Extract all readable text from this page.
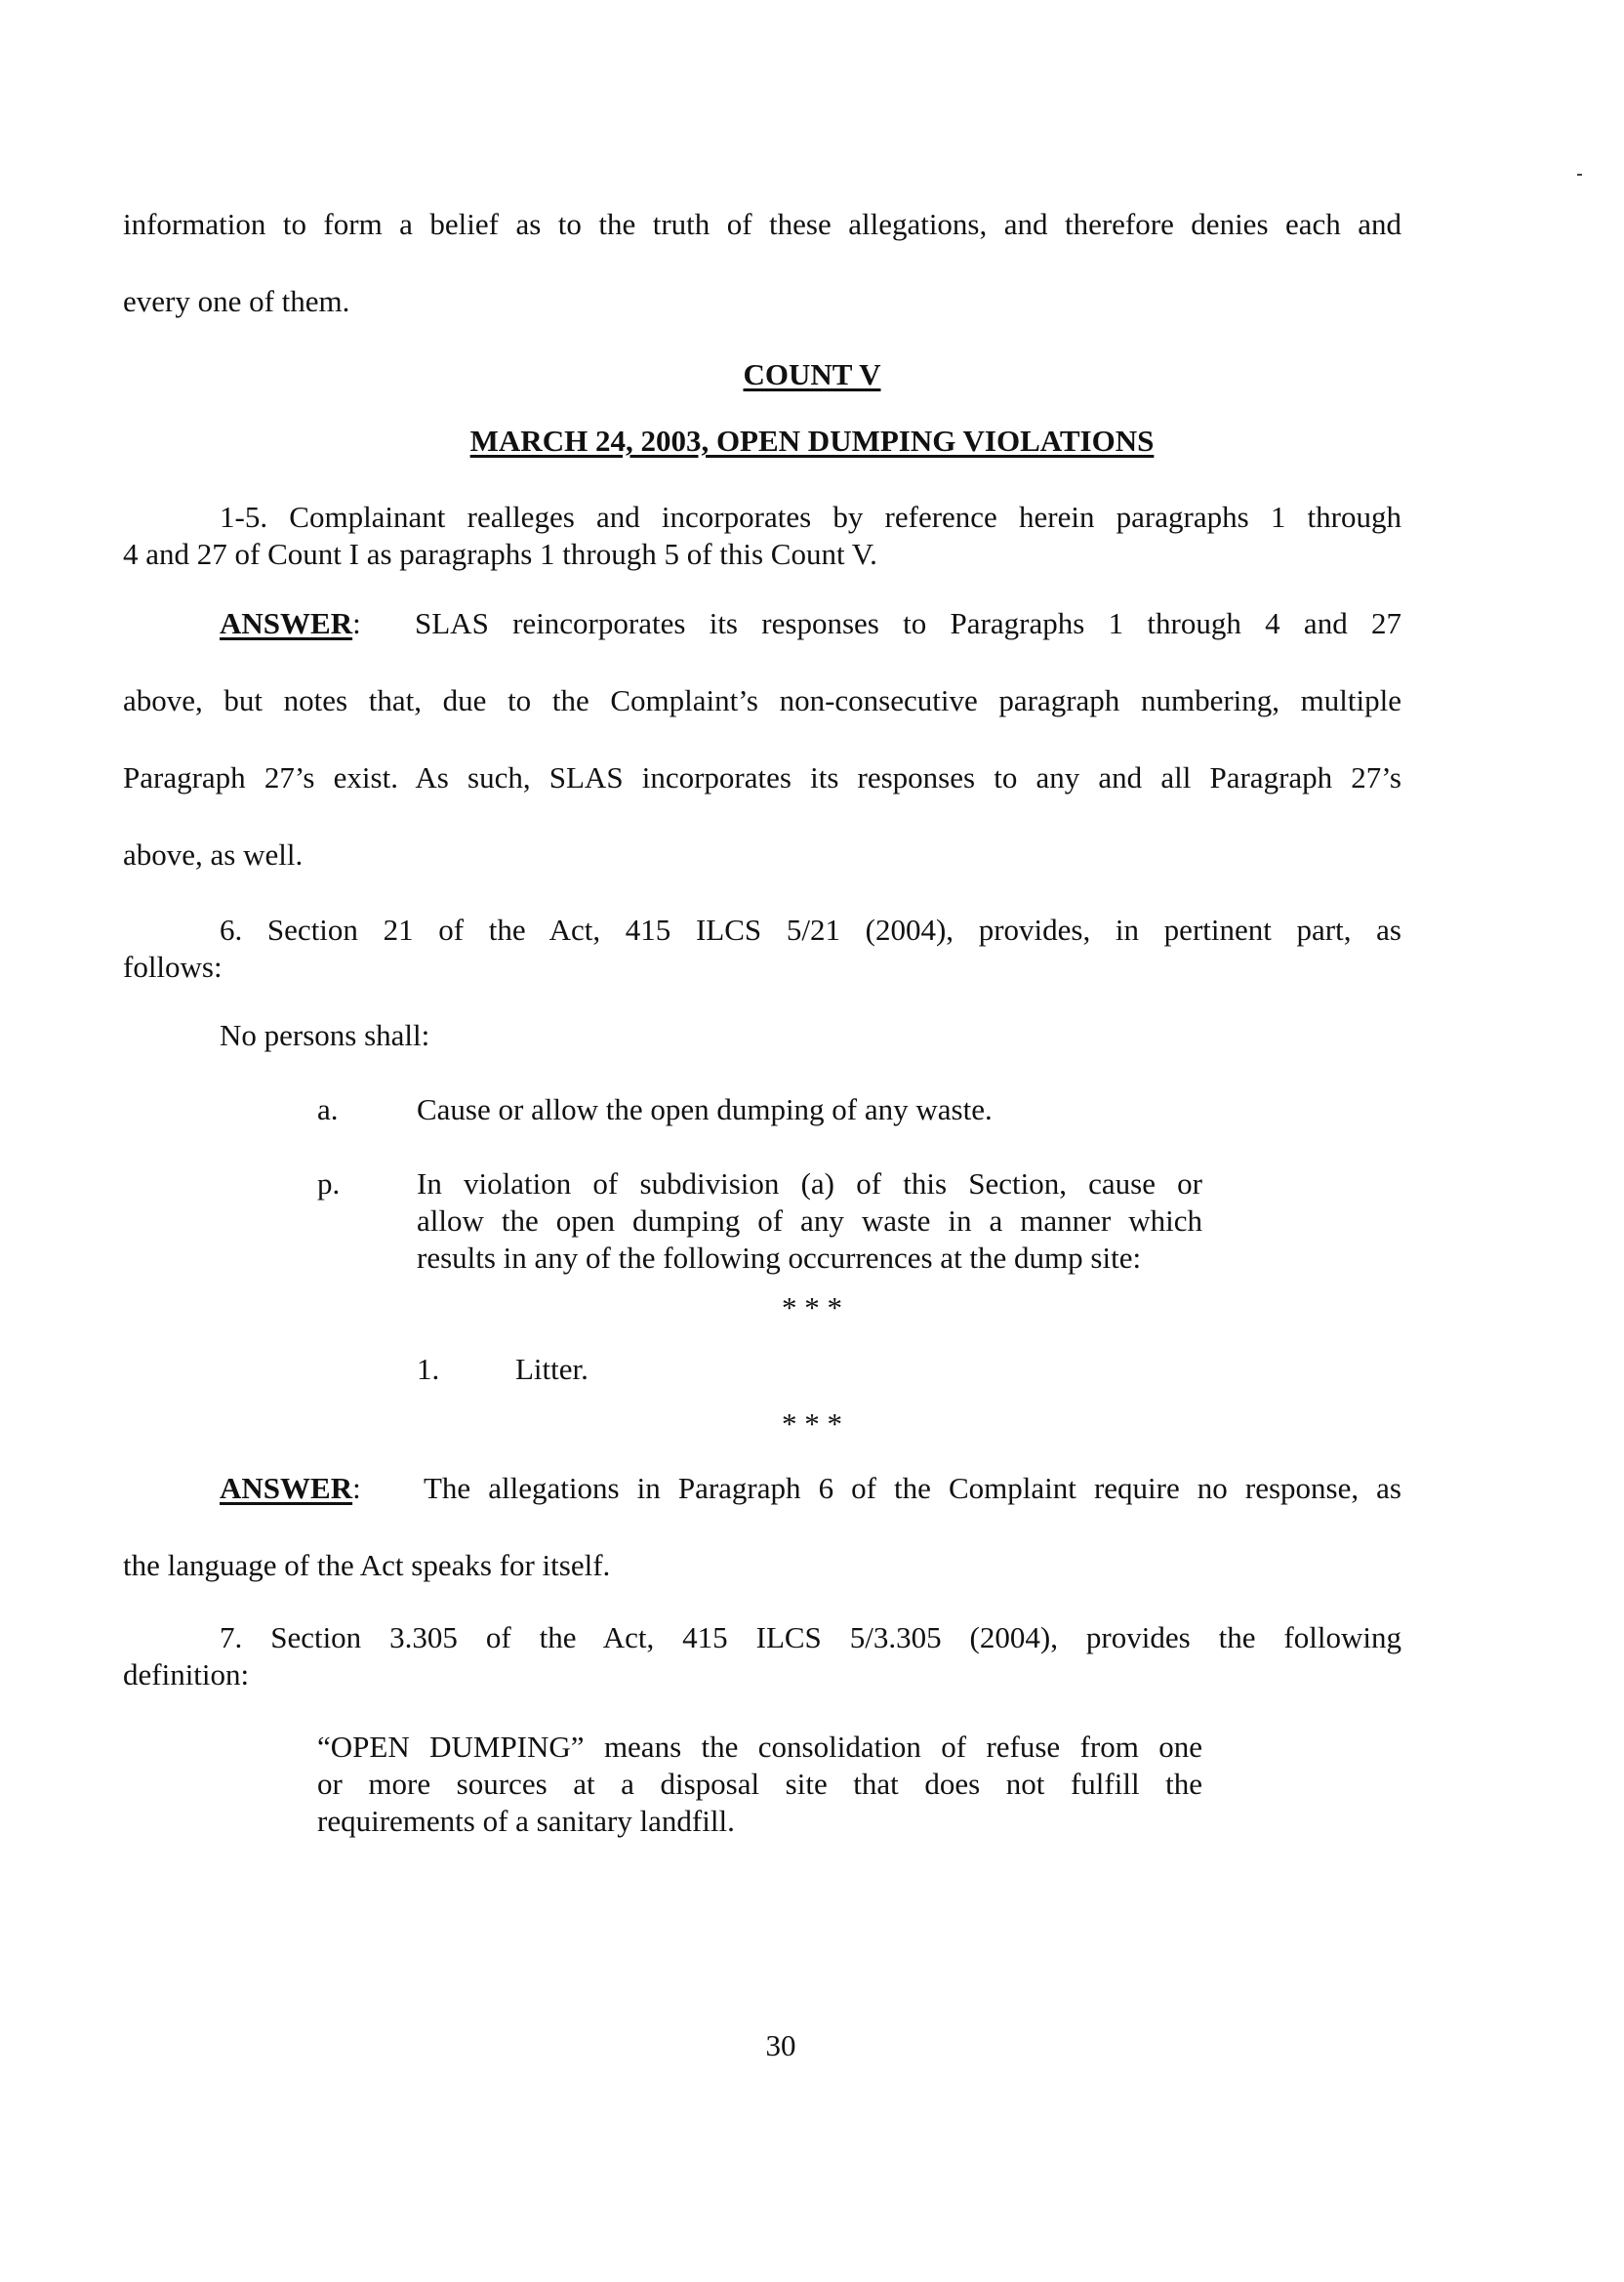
information to form a belief as to the truth of these allegations, and therefore denies each and

every one of them.

COUNT V

MARCH 24, 2003, OPEN DUMPING VIOLATIONS

1-5. Complainant realleges and incorporates by reference herein paragraphs 1 through

4 and 27 of Count I as paragraphs 1 through 5 of this Count V.

ANSWER: SLAS reincorporates its responses to Paragraphs 1 through 4 and 27

above, but notes that, due to the Complaint’s non-consecutive paragraph numbering, multiple

Paragraph 27’s exist. As such, SLAS incorporates its responses to any and all Paragraph 27’s

above, as well.

6. Section 21 of the Act, 415 ILCS 5/21 (2004), provides, in pertinent part, as

follows:

No persons shall:

a.	Cause or allow the open dumping of any waste.

p.	In violation of subdivision (a) of this Section, cause or

allow the open dumping of any waste in a manner which

results in any of the following occurrences at the dump site:

* * *

1.	Litter.

* * *

ANSWER: The allegations in Paragraph 6 of the Complaint require no response, as

the language of the Act speaks for itself.

7. Section 3.305 of the Act, 415 ILCS 5/3.305 (2004), provides the following

definition:

“OPEN DUMPING” means the consolidation of refuse from one

or more sources at a disposal site that does not fulfill the

requirements of a sanitary landfill.

30
